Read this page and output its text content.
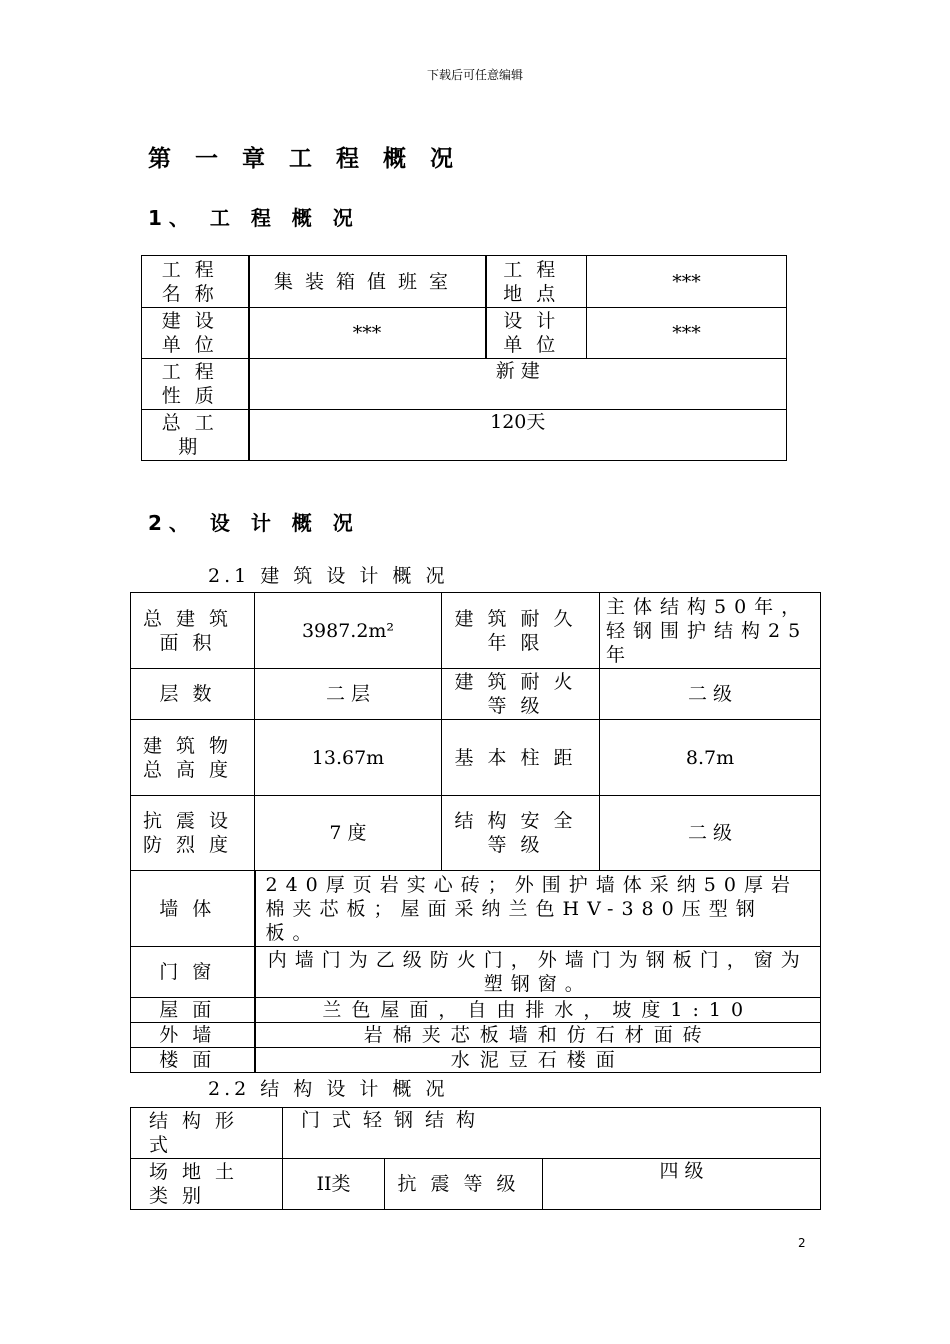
下载后可任意编辑
第 一 章 工 程 概 况
1、 工 程 概 况
工程名称	集装箱值班室	工程地点	***
建设单位	***	设计单位	***
工程性质	新 建		
总工期	120天		
2、 设 计 概 况
2.1 建 筑 设 计 概 况
总建筑面积	3987.2m²	建筑耐久年限	主体结构50年，轻钢围护结构25年
层数	二 层	建筑耐火等级	二 级
建筑物总高度	13.67m	基本柱距	8.7m
抗震设防烈度	7 度	结构安全等级	二 级
墙体	240厚页岩实心砖；外围护墙体采纳50厚岩棉夹芯板；屋面采纳兰色HV-380压型钢板。		
门窗	内墙门为乙级防火门，外墙门为钢板门，窗为塑钢窗。		
屋面	兰色屋面，自由排水，坡度1:10		
外墙	岩棉夹芯板墙和仿石材面砖		
楼面	水泥豆石楼面		
2.2 结 构 设 计 概 况
结构形式	门式轻钢结构		
场地土类别	II类	抗震等级	四 级
2
